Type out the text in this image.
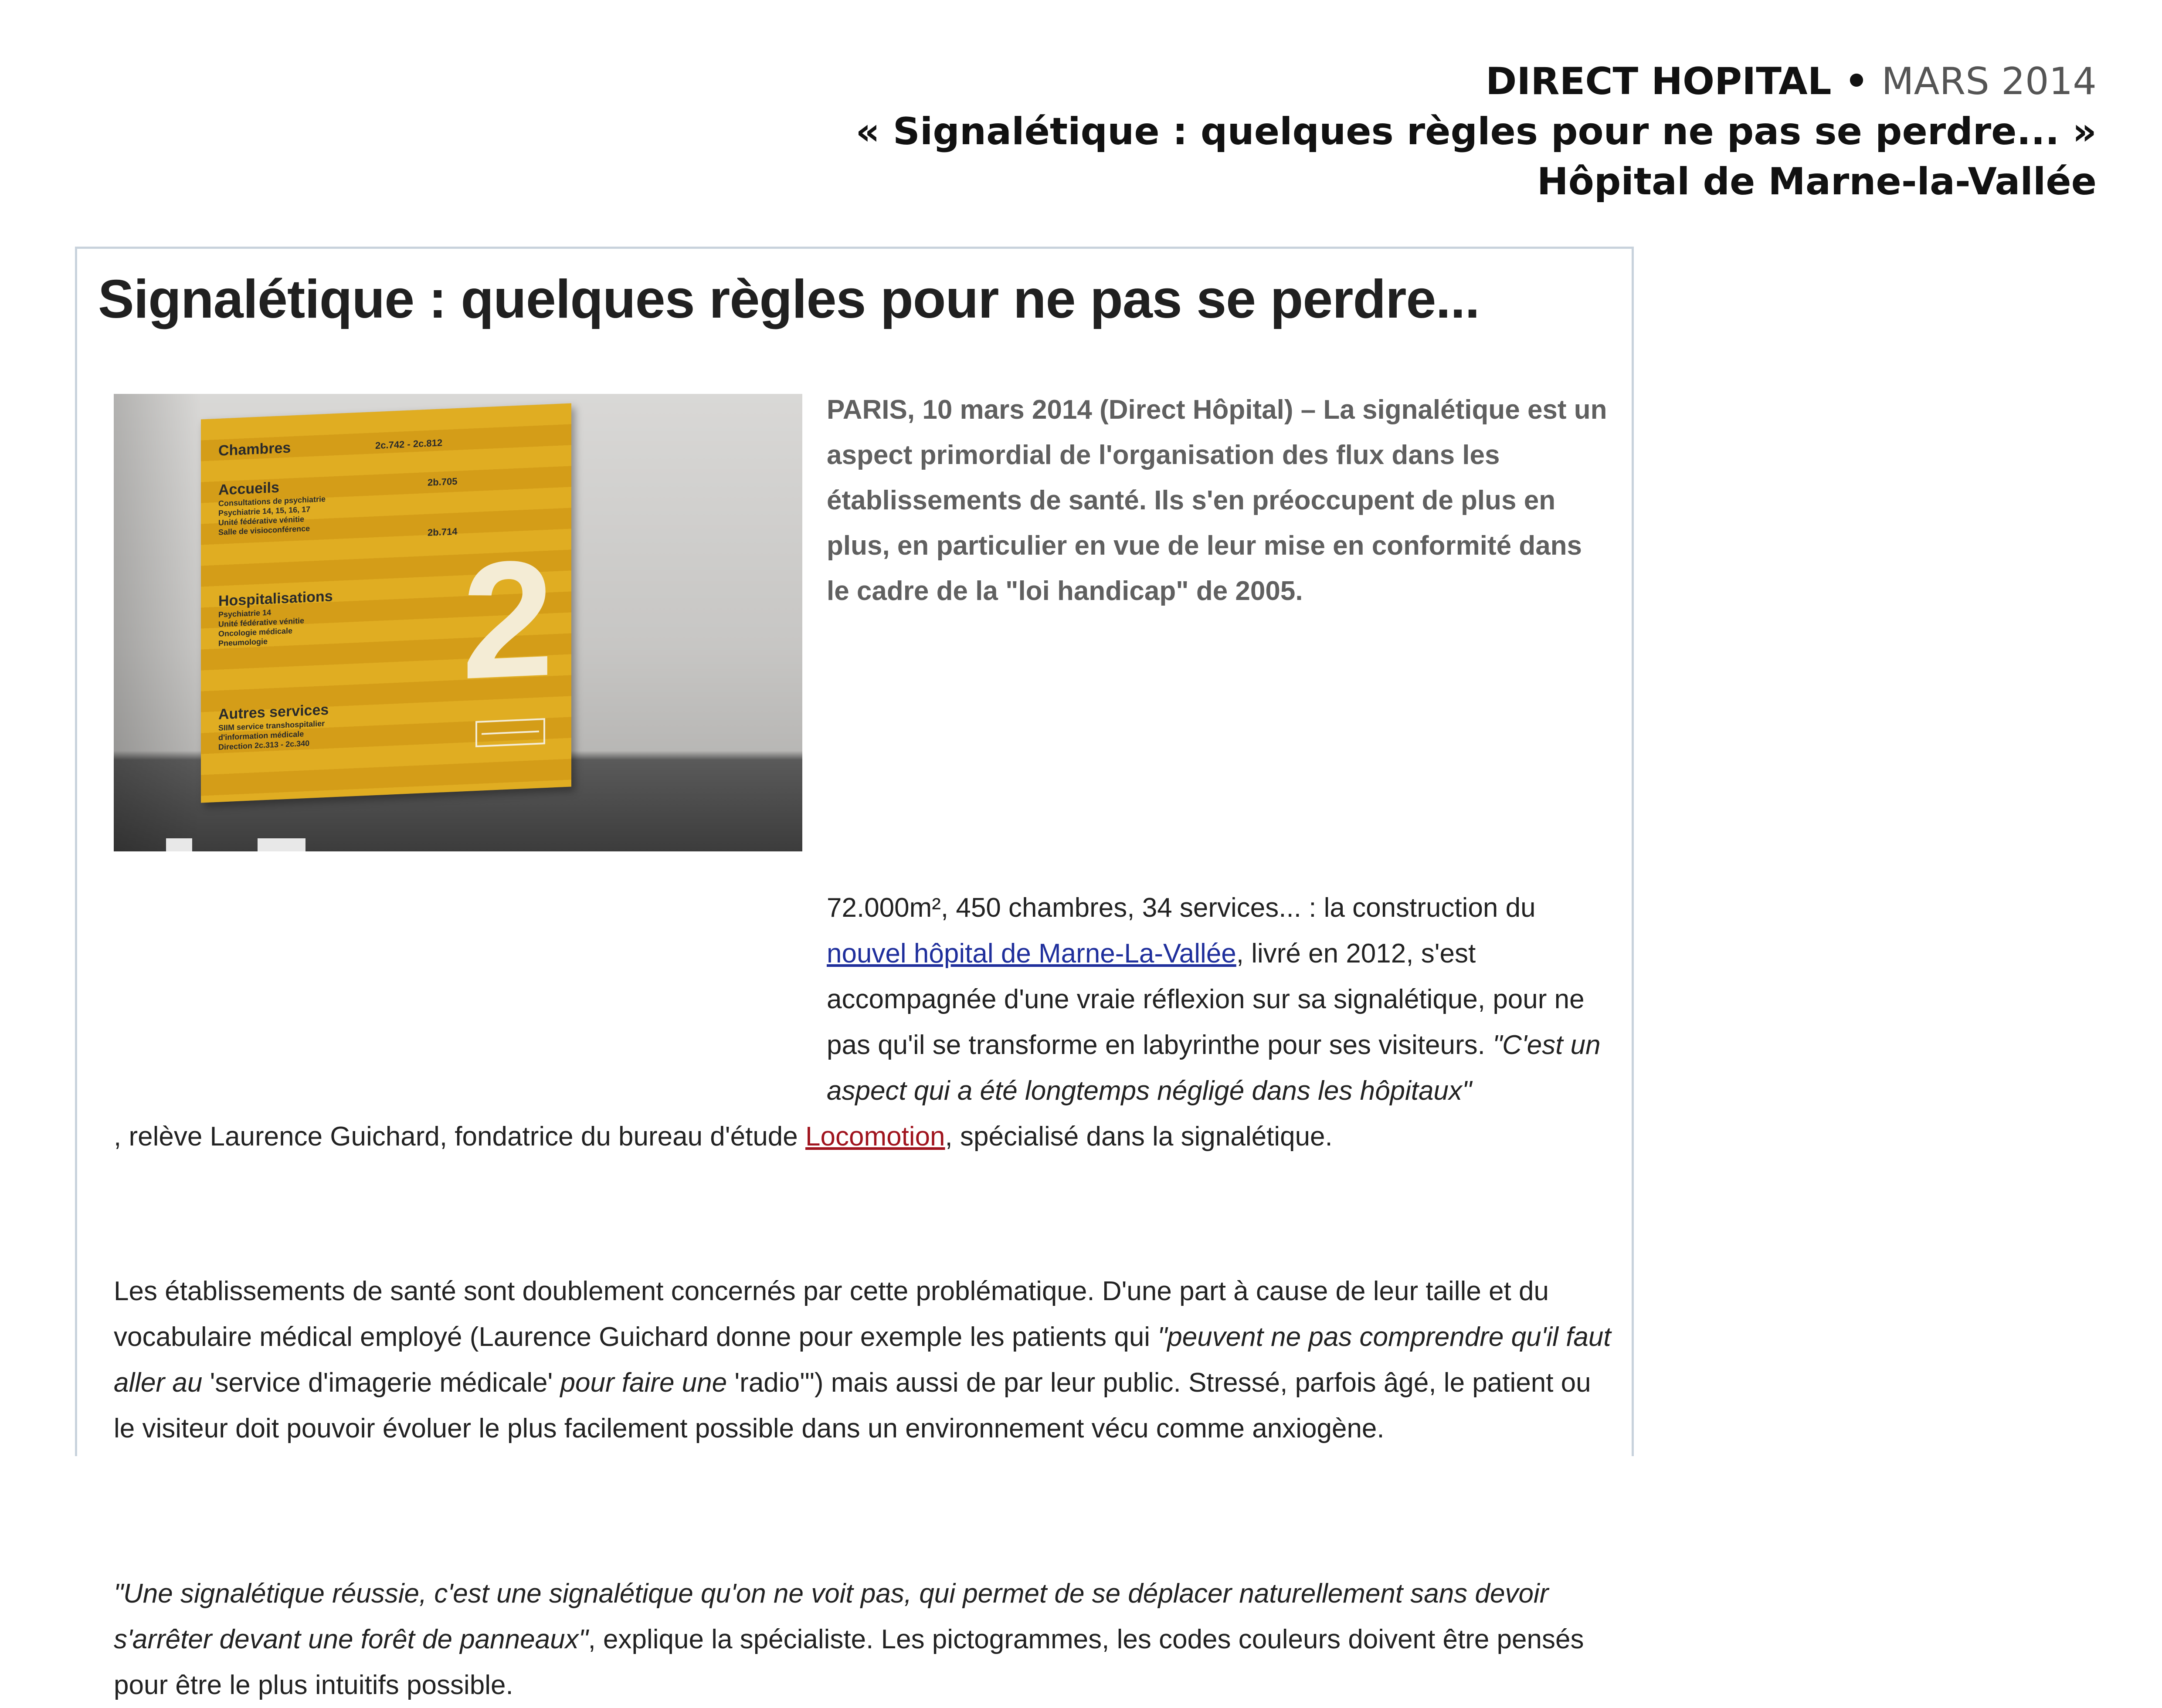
DIRECT HOPITAL • MARS 2014
« Signalétique : quelques règles pour ne pas se perdre... »
Hôpital de Marne-la-Vallée
Signalétique : quelques règles pour ne pas se perdre...
Chambres	2c.742 - 2c.812
Accueils
Consultations de psychiatrie
Psychiatrie 14, 15, 16, 17
Unité fédérative vénitie
Salle de visioconférence
2b.705
2b.714
Hospitalisations
Psychiatrie 14
Unité fédérative vénitie
Oncologie médicale
Pneumologie
Autres services
SIIM service transhospitalier
d'information médicale
Direction 2c.313 - 2c.340
2

PARIS, 10 mars 2014 (Direct Hôpital) – La signalétique est un aspect primordial de l'organisation des flux dans les établissements de santé. Ils s'en préoccupent de plus en plus, en particulier en vue de leur mise en conformité dans le cadre de la "loi handicap" de 2005.

72.000m², 450 chambres, 34 services... : la construction du nouvel hôpital de Marne-La-Vallée, livré en 2012, s'est accompagnée d'une vraie réflexion sur sa signalétique, pour ne pas qu'il se transforme en labyrinthe pour ses visiteurs. "C'est un aspect qui a été longtemps négligé dans les hôpitaux"
, relève Laurence Guichard, fondatrice du bureau d'étude Locomotion, spécialisé dans la signalétique.

Les établissements de santé sont doublement concernés par cette problématique. D'une part à cause de leur taille et du vocabulaire médical employé (Laurence Guichard donne pour exemple les patients qui "peuvent ne pas comprendre qu'il faut aller au 'service d'imagerie médicale' pour faire une 'radio'") mais aussi de par leur public. Stressé, parfois âgé, le patient ou le visiteur doit pouvoir évoluer le plus facilement possible dans un environnement vécu comme anxiogène.

"Une signalétique réussie, c'est une signalétique qu'on ne voit pas, qui permet de se déplacer naturellement sans devoir s'arrêter devant une forêt de panneaux", explique la spécialiste. Les pictogrammes, les codes couleurs doivent être pensés pour être le plus intuitifs possible.
